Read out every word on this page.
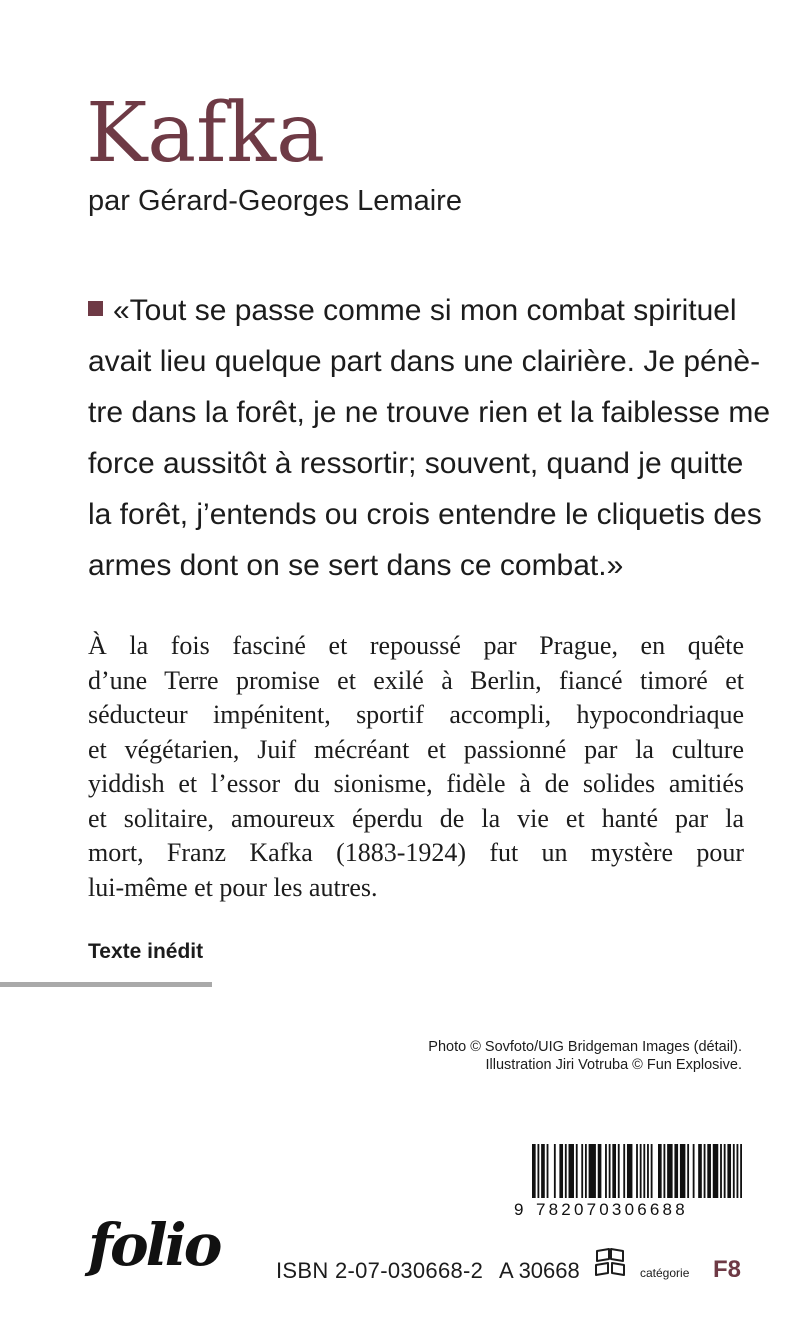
Kafka
par Gérard-Georges Lemaire
«Tout se passe comme si mon combat spirituel
avait lieu quelque part dans une clairière. Je pénè-
tre dans la forêt, je ne trouve rien et la faiblesse me
force aussitôt à ressortir; souvent, quand je quitte
la forêt, j’entends ou crois entendre le cliquetis des
armes dont on se sert dans ce combat.»
À la fois fasciné et repoussé par Prague, en quête
d’une Terre promise et exilé à Berlin, fiancé timoré et
séducteur impénitent, sportif accompli, hypocondriaque
et végétarien, Juif mécréant et passionné par la culture
yiddish et l’essor du sionisme, fidèle à de solides amitiés
et solitaire, amoureux éperdu de la vie et hanté par la
mort, Franz Kafka (1883-1924) fut un mystère pour
lui-même et pour les autres.
Texte inédit
Photo © Sovfoto/UIG Bridgeman Images (détail).
Illustration Jiri Votruba © Fun Explosive.
9 782070306688
folio	ISBN 2-07-030668-2 A 30668	catégorie F8
